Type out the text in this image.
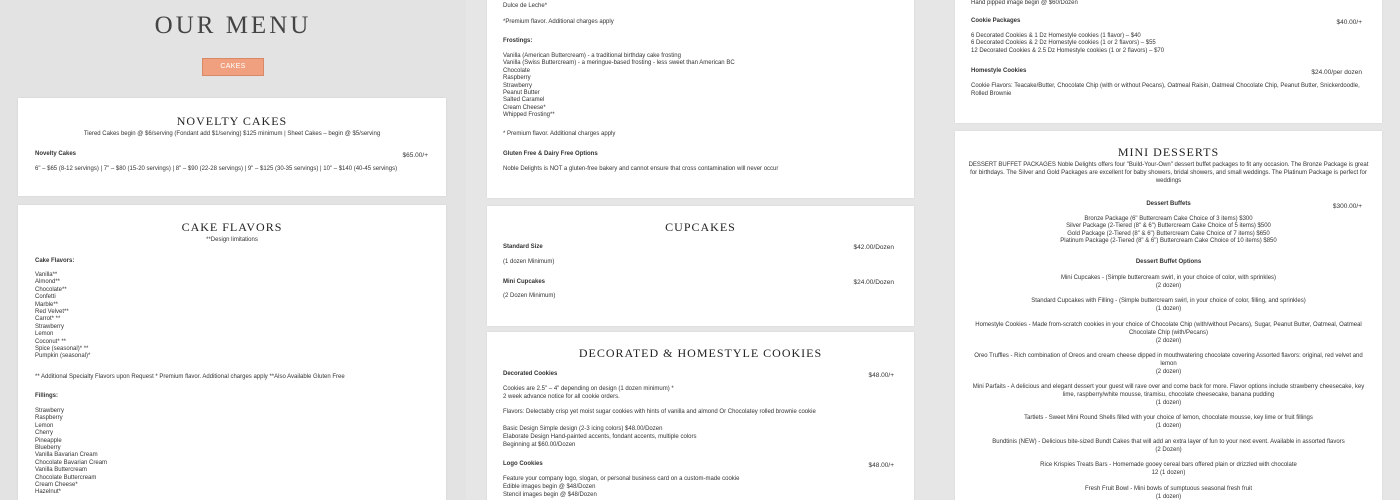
OUR MENU
CAKES
NOVELTY CAKES
Tiered Cakes begin @ $6/serving (Fondant add $1/serving) $125 minimum | Sheet Cakes – begin @ $5/serving
Novelty Cakes	$65.00/+
6" – $65 (8-12 servings) | 7" – $80 (15-20 servings) | 8" – $90 (22-28 servings) | 9" – $125 (30-35 servings) | 10" – $140 (40-45 servings)
CAKE FLAVORS
**Design limitations
Cake Flavors:
Vanilla**
Almond**
Chocolate**
Confetti
Marble**
Red Velvet**
Carrot* **
Strawberry
Lemon
Coconut* **
Spice (seasonal)* **
Pumpkin (seasonal)*
** Additional Specialty Flavors upon Request * Premium flavor. Additional charges apply **Also Available Gluten Free
Fillings:
Strawberry
Raspberry
Lemon
Cherry
Pineapple
Blueberry
Vanilla Bavarian Cream
Chocolate Bavarian Cream
Vanilla Buttercream
Chocolate Buttercream
Cream Cheese*
Hazelnut*
Dulce de Leche*
*Premium flavor. Additional charges apply
Frostings:
Vanilla (American Buttercream) - a traditional birthday cake frosting
Vanilla (Swiss Buttercream) - a meringue-based frosting - less sweet than American BC
Chocolate
Raspberry
Strawberry
Peanut Butter
Salted Caramel
Cream Cheese*
Whipped Frosting**
* Premium flavor. Additional charges apply
Gluten Free & Dairy Free Options
Noble Delights is NOT a gluten-free bakery and cannot ensure that cross contamination will never occur
CUPCAKES
Standard Size	$42.00/Dozen
(1 dozen Minimum)
Mini Cupcakes	$24.00/Dozen
(2 Dozen Minimum)
DECORATED & HOMESTYLE COOKIES
Decorated Cookies	$48.00/+
Cookies are 2.5" – 4" depending on design (1 dozen minimum) *
2 week advance notice for all cookie orders.
Flavors: Delectably crisp yet moist sugar cookies with hints of vanilla and almond Or Chocolatey rolled brownie cookie
Basic Design Simple design (2-3 icing colors) $48.00/Dozen
Elaborate Design Hand-painted accents, fondant accents, multiple colors
Beginning at $60.00/Dozen
Logo Cookies	$48.00/+
Feature your company logo, slogan, or personal business card on a custom-made cookie
Edible images begin @ $48/Dozen
Stencil images begin @ $48/Dozen
Hand pipped image begin @ $60/Dozen
Cookie Packages	$40.00/+
6 Decorated Cookies & 1 Dz Homestyle cookies (1 flavor) – $40
6 Decorated Cookies & 2 Dz Homestyle cookies (1 or 2 flavors) – $55
12 Decorated Cookies & 2.5 Dz Homestyle cookies (1 or 2 flavors) – $70
Homestyle Cookies	$24.00/per dozen
Cookie Flavors: Teacake/Butter, Chocolate Chip (with or without Pecans), Oatmeal Raisin, Oatmeal Chocolate Chip, Peanut Butter, Snickerdoodle, Rolled Brownie
MINI DESSERTS
DESSERT BUFFET PACKAGES Noble Delights offers four "Build-Your-Own" dessert buffet packages to fit any occasion. The Bronze Package is great for birthdays. The Silver and Gold Packages are excellent for baby showers, bridal showers, and small weddings. The Platinum Package is perfect for weddings
Dessert Buffets	$300.00/+
Bronze Package (6" Buttercream Cake Choice of 3 items) $300
Silver Package (2-Tiered (8" & 6") Buttercream Cake Choice of 5 items) $500
Gold Package (2-Tiered (8" & 6") Buttercream Cake Choice of 7 items) $650
Platinum Package (2-Tiered (8" & 6") Buttercream Cake Choice of 10 items) $850
Dessert Buffet Options
Mini Cupcakes - (Simple buttercream swirl, in your choice of color, with sprinkles)
(2 dozen)
Standard Cupcakes with Filling - (Simple buttercream swirl, in your choice of color, filling, and sprinkles)
(1 dozen)
Homestyle Cookies - Made from-scratch cookies in your choice of Chocolate Chip (with/without Pecans), Sugar, Peanut Butter, Oatmeal, Oatmeal Chocolate Chip (with/Pecans)
(2 dozen)
Oreo Truffles - Rich combination of Oreos and cream cheese dipped in mouthwatering chocolate covering Assorted flavors: original, red velvet and lemon
(2 dozen)
Mini Parfaits - A delicious and elegant dessert your guest will rave over and come back for more. Flavor options include strawberry cheesecake, key lime, raspberry/white mousse, tiramisu, chocolate cheesecake, banana pudding
(1 dozen)
Tartlets - Sweet Mini Round Shells filled with your choice of lemon, chocolate mousse, key lime or fruit fillings
(1 dozen)
Bundtinis (NEW) - Delicious bite-sized Bundt Cakes that will add an extra layer of fun to your next event. Available in assorted flavors
(2 Dozen)
Rice Krispies Treats Bars - Homemade gooey cereal bars offered plain or drizzled with chocolate
12 (1 dozen)
Fresh Fruit Bowl - Mini bowls of sumptuous seasonal fresh fruit
(1 dozen)
